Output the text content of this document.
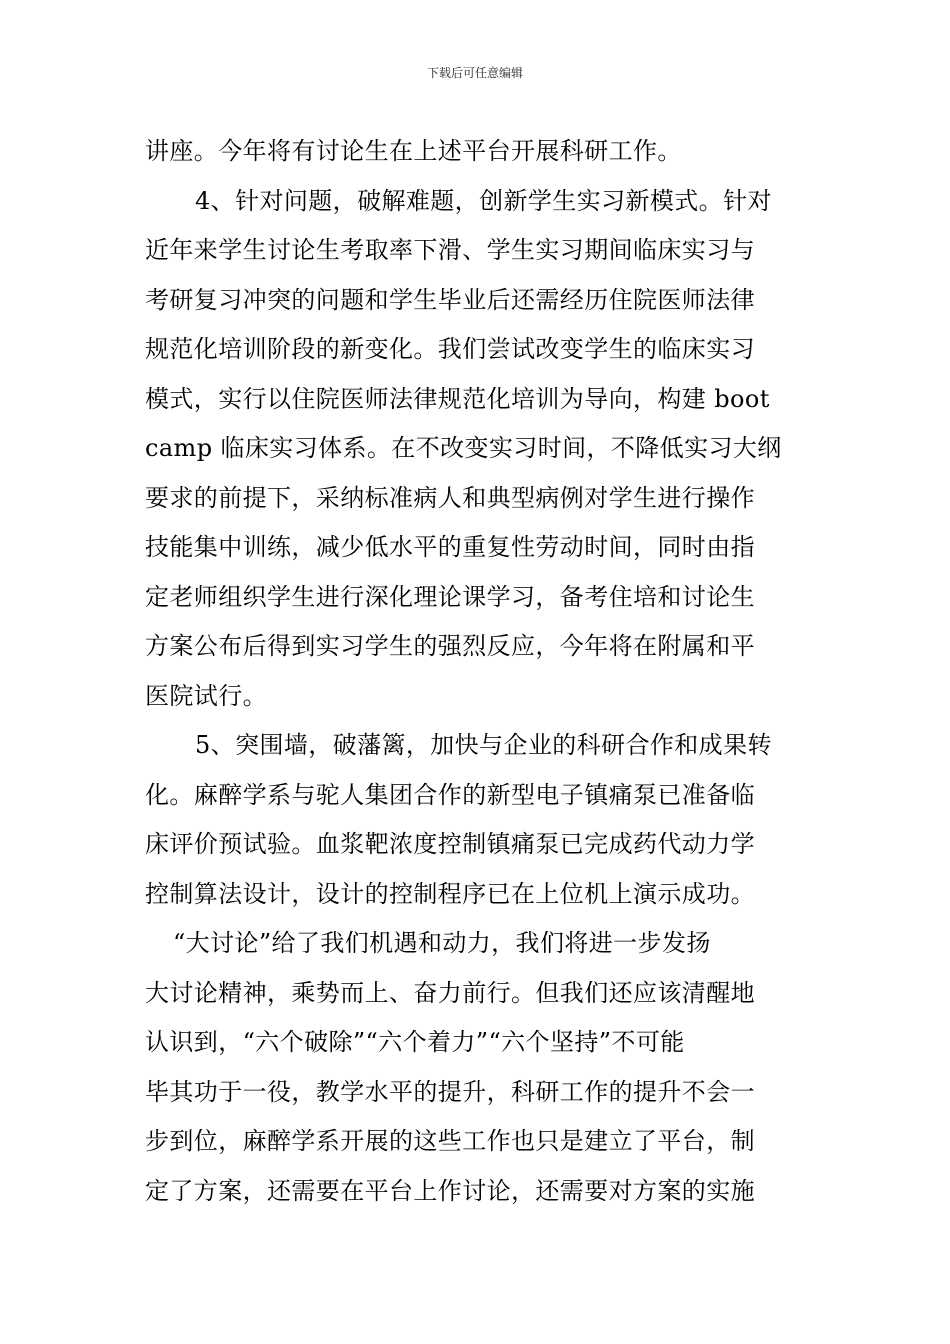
下载后可任意编辑
讲座。今年将有讨论生在上述平台开展科研工作。
4、针对问题，破解难题，创新学生实习新模式。针对
近年来学生讨论生考取率下滑、学生实习期间临床实习与
考研复习冲突的问题和学生毕业后还需经历住院医师法律
规范化培训阶段的新变化。我们尝试改变学生的临床实习
模式，实行以住院医师法律规范化培训为导向，构建 boot
camp 临床实习体系。在不改变实习时间，不降低实习大纲
要求的前提下，采纳标准病人和典型病例对学生进行操作
技能集中训练，减少低水平的重复性劳动时间，同时由指
定老师组织学生进行深化理论课学习，备考住培和讨论生
方案公布后得到实习学生的强烈反应，今年将在附属和平
医院试行。
5、突围墙，破藩篱，加快与企业的科研合作和成果转
化。麻醉学系与驼人集团合作的新型电子镇痛泵已准备临
床评价预试验。血浆靶浓度控制镇痛泵已完成药代动力学
控制算法设计，设计的控制程序已在上位机上演示成功。
“大讨论”给了我们机遇和动力，我们将进一步发扬
大讨论精神，乘势而上、奋力前行。但我们还应该清醒地
认识到，“六个破除”“六个着力”“六个坚持”不可能
毕其功于一役，教学水平的提升，科研工作的提升不会一
步到位，麻醉学系开展的这些工作也只是建立了平台，制
定了方案，还需要在平台上作讨论，还需要对方案的实施
